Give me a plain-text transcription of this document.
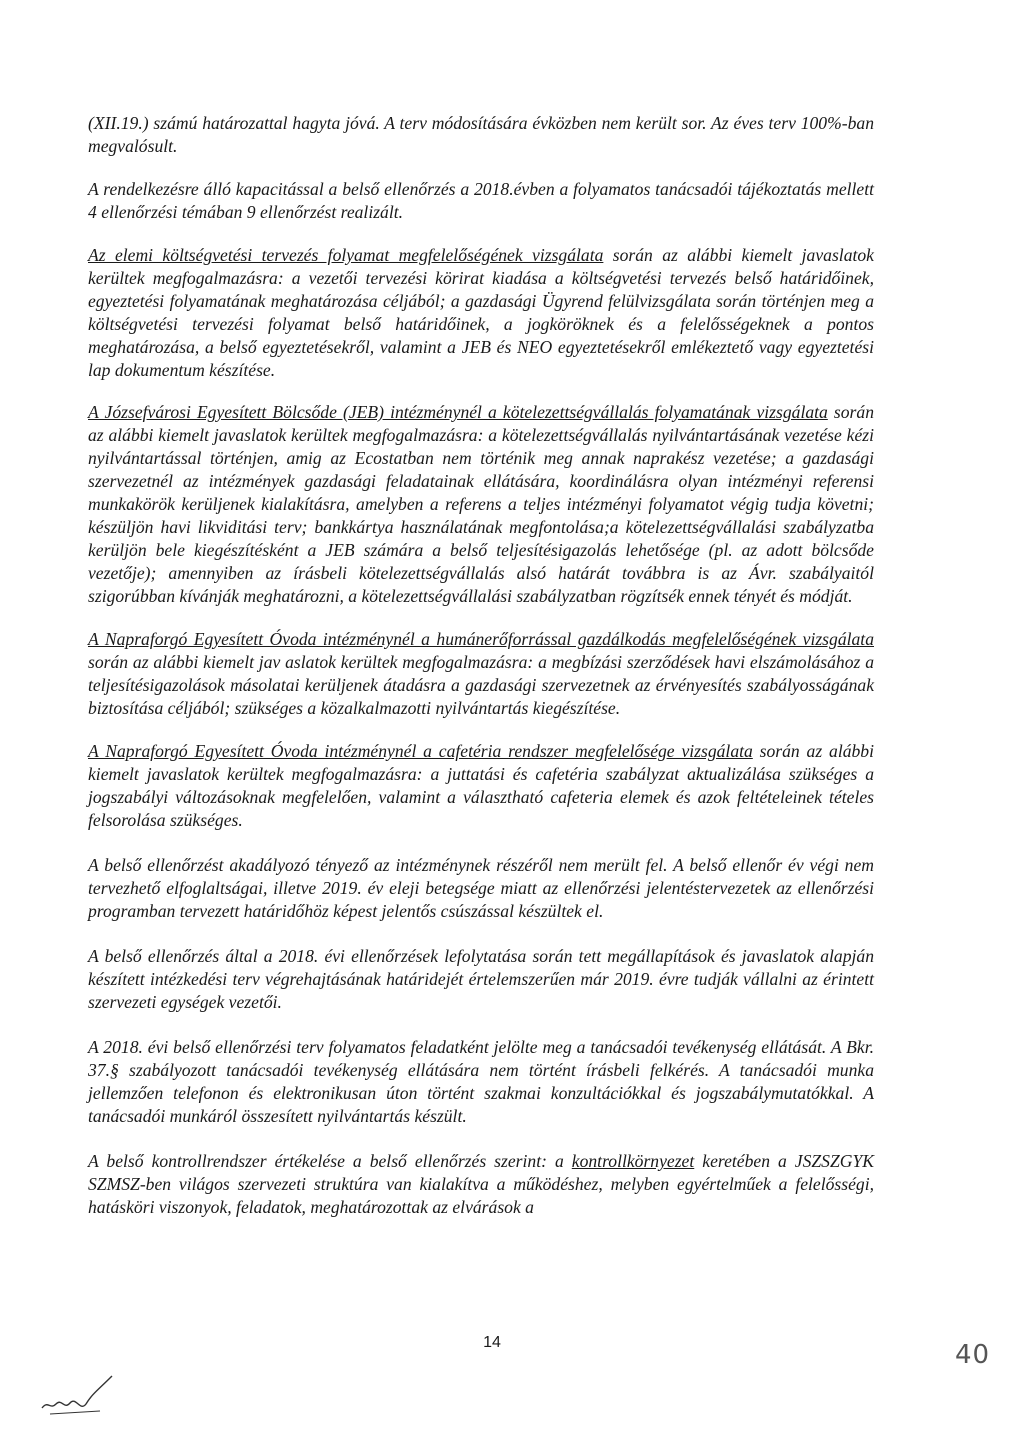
(XII.19.) számú határozattal hagyta jóvá. A terv módosítására évközben nem került sor. Az éves terv 100%-ban megvalósult.

A rendelkezésre álló kapacitással a belső ellenőrzés a 2018.évben a folyamatos tanácsadói tájékoztatás mellett 4 ellenőrzési témában 9 ellenőrzést realizált.

Az elemi költségvetési tervezés folyamat megfelelőségének vizsgálata során az alábbi kiemelt javaslatok kerültek megfogalmazásra: a vezetői tervezési körirat kiadása a költségvetési tervezés belső határidőinek, egyeztetési folyamatának meghatározása céljából; a gazdasági Ügyrend felülvizsgálata során történjen meg a költségvetési tervezési folyamat belső határidőinek, a jogköröknek és a felelősségeknek a pontos meghatározása, a belső egyeztetésekről, valamint a JEB és NEO egyeztetésekről emlékeztető vagy egyeztetési lap dokumentum készítése.

A Józsefvárosi Egyesített Bölcsőde (JEB) intézménynél a kötelezettségvállalás folyamatának vizsgálata során az alábbi kiemelt javaslatok kerültek megfogalmazásra: a kötelezettségvállalás nyilvántartásának vezetése kézi nyilvántartással történjen, amig az Ecostatban nem történik meg annak naprakész vezetése; a gazdasági szervezetnél az intézmények gazdasági feladatainak ellátására, koordinálásra olyan intézményi referensi munkakörök kerüljenek kialakításra, amelyben a referens a teljes intézményi folyamatot végig tudja követni; készüljön havi likviditási terv; bankkártya használatának megfontolása;a kötelezettségvállalási szabályzatba kerüljön bele kiegészítésként a JEB számára a belső teljesítésigazolás lehetősége (pl. az adott bölcsőde vezetője); amennyiben az írásbeli kötelezettségvállalás alsó határát továbbra is az Ávr. szabályaitól szigorúbban kívánják meghatározni, a kötelezettségvállalási szabályzatban rögzítsék ennek tényét és módját.

A Napraforgó Egyesített Óvoda intézménynél a humánerőforrással gazdálkodás megfelelőségének vizsgálata során az alábbi kiemelt jav aslatok kerültek megfogalmazásra: a megbízási szerződések havi elszámolásához a teljesítésigazolások másolatai kerüljenek átadásra a gazdasági szervezetnek az érvényesítés szabályosságának biztosítása céljából; szükséges a közalkalmazotti nyilvántartás kiegészítése.

A Napraforgó Egyesített Óvoda intézménynél a cafetéria rendszer megfelelősége vizsgálata során az alábbi kiemelt javaslatok kerültek megfogalmazásra: a juttatási és cafetéria szabályzat aktualizálása szükséges a jogszabályi változásoknak megfelelően, valamint a választható cafeteria elemek és azok feltételeinek tételes felsorolása szükséges.

A belső ellenőrzést akadályozó tényező az intézménynek részéről nem merült fel. A belső ellenőr év végi nem tervezhető elfoglaltságai, illetve 2019. év eleji betegsége miatt az ellenőrzési jelentéstervezetek az ellenőrzési programban tervezett határidőhöz képest jelentős csúszással készültek el.

A belső ellenőrzés által a 2018. évi ellenőrzések lefolytatása során tett megállapítások és javaslatok alapján készített intézkedési terv végrehajtásának határidejét értelemszerűen már 2019. évre tudják vállalni az érintett szervezeti egységek vezetői.

A 2018. évi belső ellenőrzési terv folyamatos feladatként jelölte meg a tanácsadói tevékenység ellátását. A Bkr. 37.§ szabályozott tanácsadói tevékenység ellátására nem történt írásbeli felkérés. A tanácsadói munka jellemzően telefonon és elektronikusan úton történt szakmai konzultációkkal és jogszabálymutatókkal. A tanácsadói munkáról összesített nyilvántartás készült.

A belső kontrollrendszer értékelése a belső ellenőrzés szerint: a kontrollkörnyezet keretében a JSZSZGYK SZMSZ-ben világos szervezeti struktúra van kialakítva a működéshez, melyben egyértelműek a felelősségi, hatásköri viszonyok, feladatok, meghatározottak az elvárások a

14	40
